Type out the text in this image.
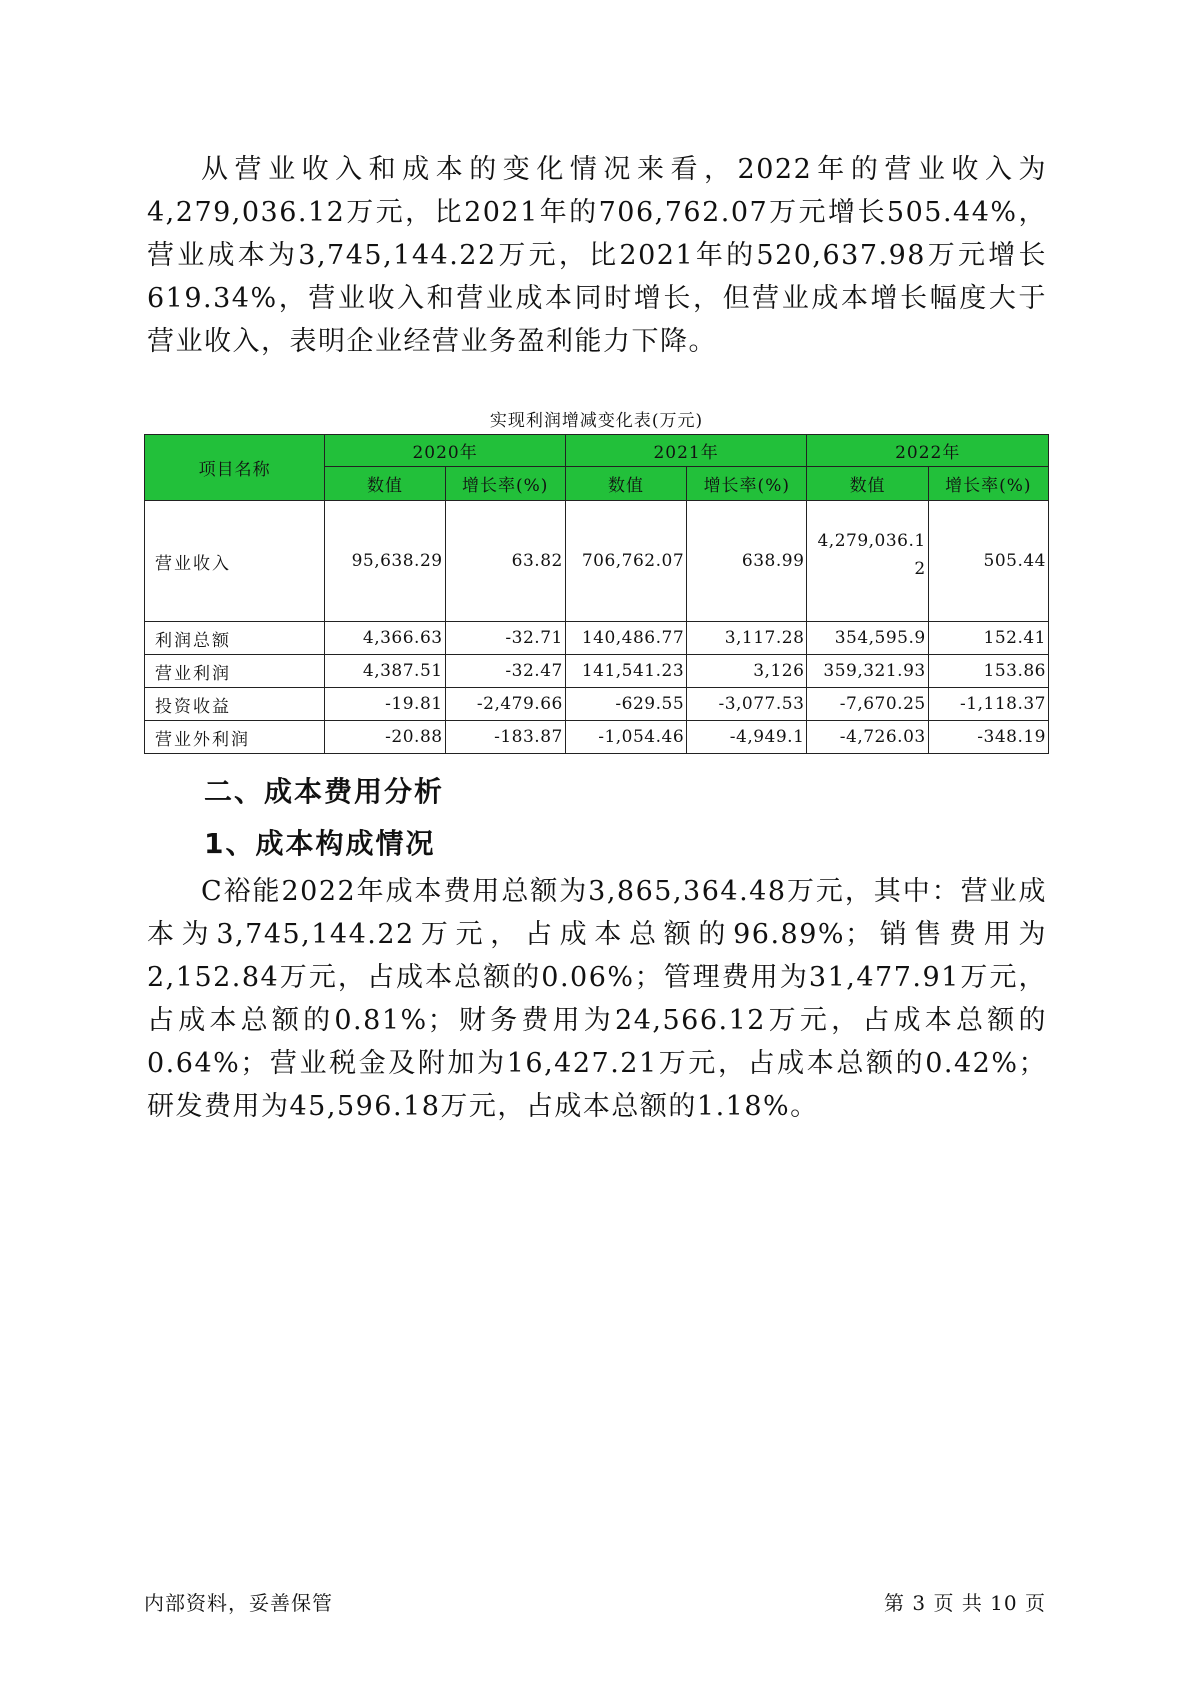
从营业收入和成本的变化情况来看，2022年的营业收入为4,279,036.12万元，比2021年的706,762.07万元增长505.44%，营业成本为3,745,144.22万元，比2021年的520,637.98万元增长619.34%，营业收入和营业成本同时增长，但营业成本增长幅度大于营业收入，表明企业经营业务盈利能力下降。

实现利润增减变化表(万元)
项目名称	2020年		2021年		2022年	
	数值	增长率(%)	数值	增长率(%)	数值	增长率(%)
营业收入	95,638.29	63.82	706,762.07	638.99	4,279,036.12	505.44
利润总额	4,366.63	-32.71	140,486.77	3,117.28	354,595.9	152.41
营业利润	4,387.51	-32.47	141,541.23	3,126	359,321.93	153.86
投资收益	-19.81	-2,479.66	-629.55	-3,077.53	-7,670.25	-1,118.37
营业外利润	-20.88	-183.87	-1,054.46	-4,949.1	-4,726.03	-348.19
二、成本费用分析
1、成本构成情况

C裕能2022年成本费用总额为3,865,364.48万元，其中：营业成本为3,745,144.22万元，占成本总额的96.89%；销售费用为2,152.84万元，占成本总额的0.06%；管理费用为31,477.91万元，占成本总额的0.81%；财务费用为24,566.12万元，占成本总额的0.64%；营业税金及附加为16,427.21万元，占成本总额的0.42%；研发费用为45,596.18万元，占成本总额的1.18%。

内部资料，妥善保管	第 3 页 共 10 页
